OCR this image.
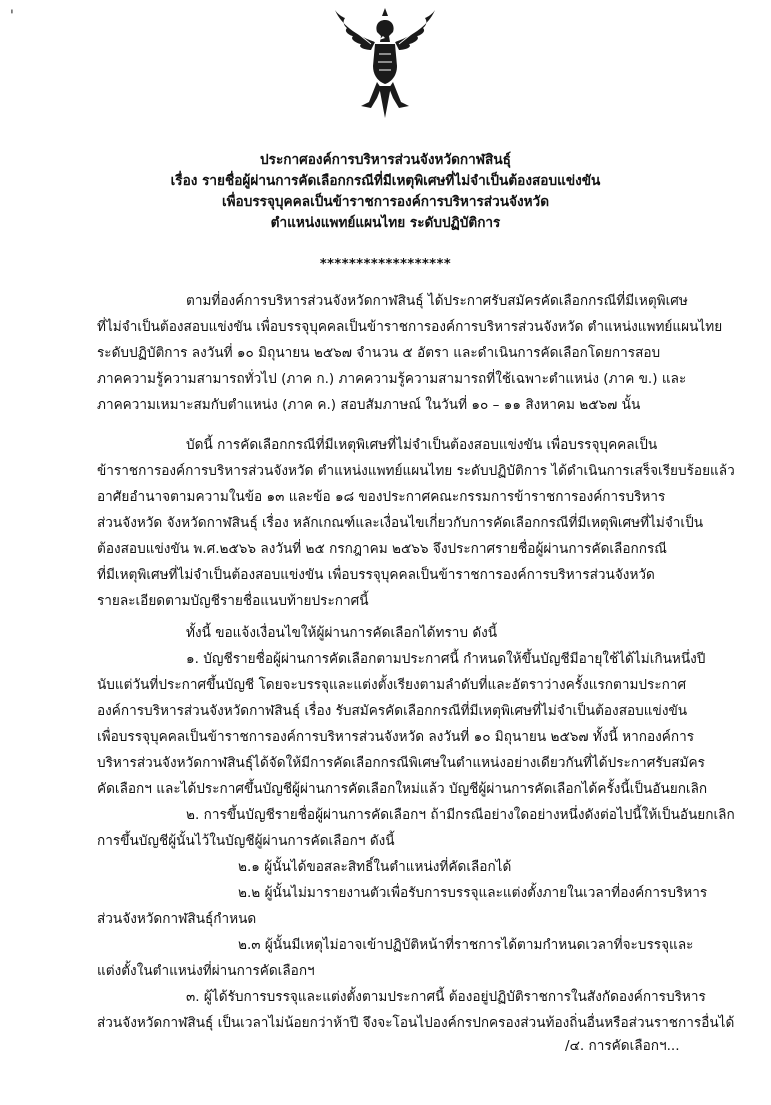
'
ประกาศองค์การบริหารส่วนจังหวัดกาฬสินธุ์
เรื่อง รายชื่อผู้ผ่านการคัดเลือกกรณีที่มีเหตุพิเศษที่ไม่จำเป็นต้องสอบแข่งขัน
เพื่อบรรจุบุคคลเป็นข้าราชการองค์การบริหารส่วนจังหวัด
ตำแหน่งแพทย์แผนไทย ระดับปฏิบัติการ
******************
ตามที่องค์การบริหารส่วนจังหวัดกาฬสินธุ์ ได้ประกาศรับสมัครคัดเลือกกรณีที่มีเหตุพิเศษ
ที่ไม่จำเป็นต้องสอบแข่งขัน เพื่อบรรจุบุคคลเป็นข้าราชการองค์การบริหารส่วนจังหวัด ตำแหน่งแพทย์แผนไทย
ระดับปฏิบัติการ ลงวันที่ ๑๐ มิถุนายน ๒๕๖๗ จำนวน ๕ อัตรา และดำเนินการคัดเลือกโดยการสอบ
ภาคความรู้ความสามารถทั่วไป (ภาค ก.) ภาคความรู้ความสามารถที่ใช้เฉพาะตำแหน่ง (ภาค ข.) และ
ภาคความเหมาะสมกับตำแหน่ง (ภาค ค.) สอบสัมภาษณ์ ในวันที่ ๑๐ – ๑๑ สิงหาคม ๒๕๖๗ นั้น
บัดนี้ การคัดเลือกกรณีที่มีเหตุพิเศษที่ไม่จำเป็นต้องสอบแข่งขัน เพื่อบรรจุบุคคลเป็น
ข้าราชการองค์การบริหารส่วนจังหวัด ตำแหน่งแพทย์แผนไทย ระดับปฏิบัติการ ได้ดำเนินการเสร็จเรียบร้อยแล้ว
อาศัยอำนาจตามความในข้อ ๑๓ และข้อ ๑๘ ของประกาศคณะกรรมการข้าราชการองค์การบริหาร
ส่วนจังหวัด จังหวัดกาฬสินธุ์ เรื่อง หลักเกณฑ์และเงื่อนไขเกี่ยวกับการคัดเลือกกรณีที่มีเหตุพิเศษที่ไม่จำเป็น
ต้องสอบแข่งขัน พ.ศ.๒๕๖๖ ลงวันที่ ๒๕ กรกฎาคม ๒๕๖๖ จึงประกาศรายชื่อผู้ผ่านการคัดเลือกกรณี
ที่มีเหตุพิเศษที่ไม่จำเป็นต้องสอบแข่งขัน เพื่อบรรจุบุคคลเป็นข้าราชการองค์การบริหารส่วนจังหวัด
รายละเอียดตามบัญชีรายชื่อแนบท้ายประกาศนี้
ทั้งนี้ ขอแจ้งเงื่อนไขให้ผู้ผ่านการคัดเลือกได้ทราบ ดังนี้
๑. บัญชีรายชื่อผู้ผ่านการคัดเลือกตามประกาศนี้ กำหนดให้ขึ้นบัญชีมีอายุใช้ได้ไม่เกินหนึ่งปี
นับแต่วันที่ประกาศขึ้นบัญชี โดยจะบรรจุและแต่งตั้งเรียงตามลำดับที่และอัตราว่างครั้งแรกตามประกาศ
องค์การบริหารส่วนจังหวัดกาฬสินธุ์ เรื่อง รับสมัครคัดเลือกกรณีที่มีเหตุพิเศษที่ไม่จำเป็นต้องสอบแข่งขัน
เพื่อบรรจุบุคคลเป็นข้าราชการองค์การบริหารส่วนจังหวัด ลงวันที่ ๑๐ มิถุนายน ๒๕๖๗ ทั้งนี้ หากองค์การ
บริหารส่วนจังหวัดกาฬสินธุ์ได้จัดให้มีการคัดเลือกกรณีพิเศษในตำแหน่งอย่างเดียวกันที่ได้ประกาศรับสมัคร
คัดเลือกฯ และได้ประกาศขึ้นบัญชีผู้ผ่านการคัดเลือกใหม่แล้ว บัญชีผู้ผ่านการคัดเลือกได้ครั้งนี้เป็นอันยกเลิก
๒. การขึ้นบัญชีรายชื่อผู้ผ่านการคัดเลือกฯ ถ้ามีกรณีอย่างใดอย่างหนึ่งดังต่อไปนี้ให้เป็นอันยกเลิก
การขึ้นบัญชีผู้นั้นไว้ในบัญชีผู้ผ่านการคัดเลือกฯ ดังนี้
๒.๑ ผู้นั้นได้ขอสละสิทธิ์ในตำแหน่งที่คัดเลือกได้
๒.๒ ผู้นั้นไม่มารายงานตัวเพื่อรับการบรรจุและแต่งตั้งภายในเวลาที่องค์การบริหาร
ส่วนจังหวัดกาฬสินธุ์กำหนด
๒.๓ ผู้นั้นมีเหตุไม่อาจเข้าปฏิบัติหน้าที่ราชการได้ตามกำหนดเวลาที่จะบรรจุและ
แต่งตั้งในตำแหน่งที่ผ่านการคัดเลือกฯ
๓. ผู้ได้รับการบรรจุและแต่งตั้งตามประกาศนี้ ต้องอยู่ปฏิบัติราชการในสังกัดองค์การบริหาร
ส่วนจังหวัดกาฬสินธุ์ เป็นเวลาไม่น้อยกว่าห้าปี จึงจะโอนไปองค์กรปกครองส่วนท้องถิ่นอื่นหรือส่วนราชการอื่นได้
/๔. การคัดเลือกฯ...
